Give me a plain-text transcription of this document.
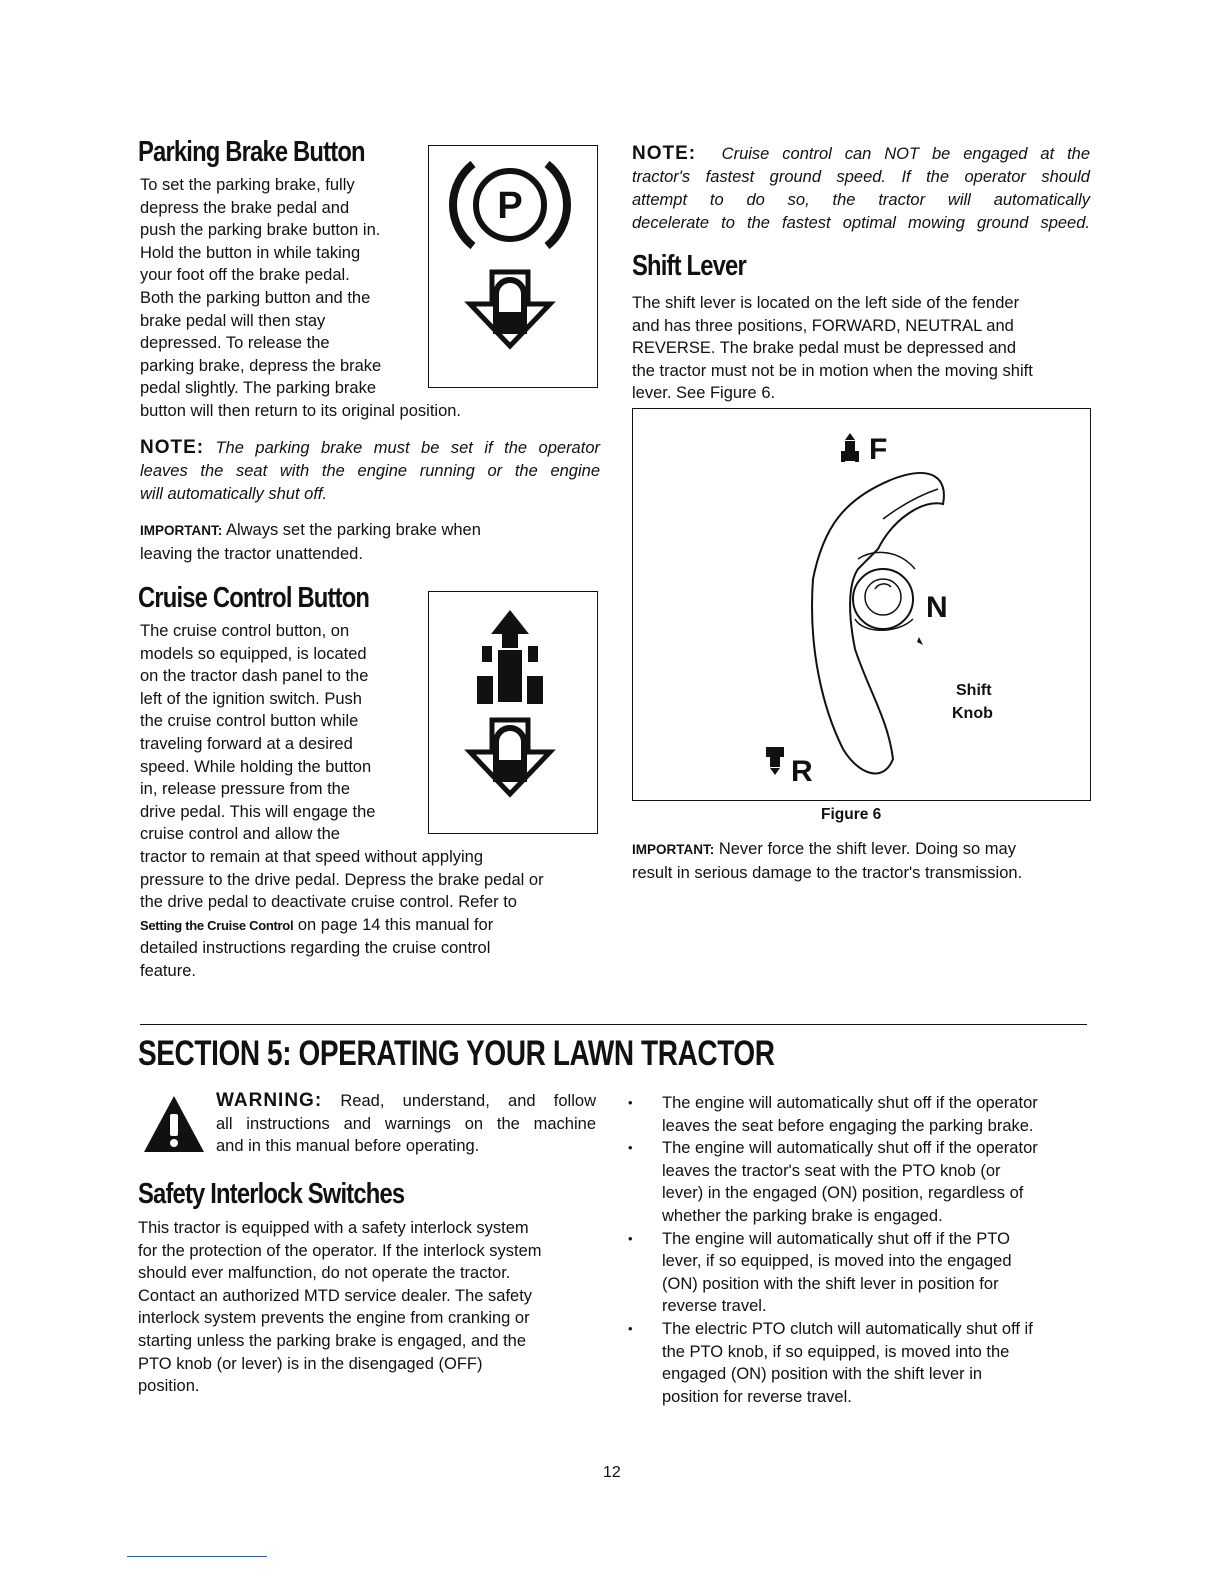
Parking Brake Button
To set the parking brake, fully
depress the brake pedal and
push the parking brake button in.
Hold the button in while taking
your foot off the brake pedal.
Both the parking button and the
brake pedal will then stay
depressed. To release the
parking brake, depress the brake
pedal slightly. The parking brake
button will then return to its original position.
P
NOTE: The parking brake must be set if the operator
leaves the seat with the engine running or the engine
will automatically shut off.
IMPORTANT: Always set the parking brake when
leaving the tractor unattended.
Cruise Control Button
The cruise control button, on
models so equipped, is located
on the tractor dash panel to the
left of the ignition switch. Push
the cruise control button while
traveling forward at a desired
speed. While holding the button
in, release pressure from the
drive pedal. This will engage the
cruise control and allow the
tractor to remain at that speed without applying
pressure to the drive pedal. Depress the brake pedal or
the drive pedal to deactivate cruise control. Refer to
Setting the Cruise Control on page 14 this manual for
detailed instructions regarding the cruise control
feature.
NOTE: Cruise control can NOT be engaged at the
tractor's fastest ground speed. If the operator should
attempt to do so, the tractor will automatically
decelerate to the fastest optimal mowing ground speed.
Shift Lever
The shift lever is located on the left side of the fender
and has three positions, FORWARD, NEUTRAL and
REVERSE. The brake pedal must be depressed and
the tractor must not be in motion when the moving shift
lever. See Figure 6.
F
N
Shift
Knob
R
Figure 6
IMPORTANT: Never force the shift lever. Doing so may
result in serious damage to the tractor's transmission.
SECTION 5: OPERATING YOUR LAWN TRACTOR
WARNING: Read, understand, and follow
all instructions and warnings on the machine
and in this manual before operating.
Safety Interlock Switches
This tractor is equipped with a safety interlock system
for the protection of the operator. If the interlock system
should ever malfunction, do not operate the tractor.
Contact an authorized MTD service dealer. The safety
interlock system prevents the engine from cranking or
starting unless the parking brake is engaged, and the
PTO knob (or lever) is in the disengaged (OFF)
position.
• The engine will automatically shut off if the operator
leaves the seat before engaging the parking brake.
• The engine will automatically shut off if the operator
leaves the tractor's seat with the PTO knob (or
lever) in the engaged (ON) position, regardless of
whether the parking brake is engaged.
• The engine will automatically shut off if the PTO
lever, if so equipped, is moved into the engaged
(ON) position with the shift lever in position for
reverse travel.
• The electric PTO clutch will automatically shut off if
the PTO knob, if so equipped, is moved into the
engaged (ON) position with the shift lever in
position for reverse travel.
12
